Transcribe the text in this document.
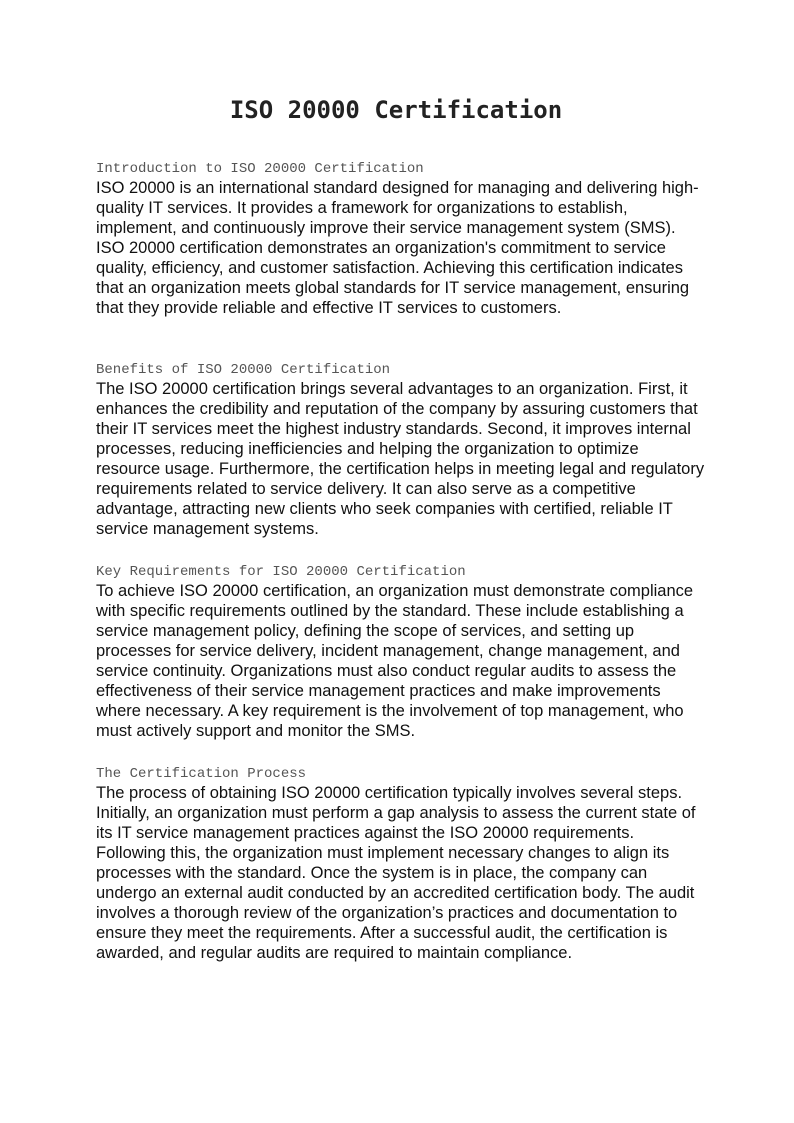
ISO 20000 Certification
Introduction to ISO 20000 Certification

ISO 20000 is an international standard designed for managing and delivering high-quality IT services. It provides a framework for organizations to establish, implement, and continuously improve their service management system (SMS). ISO 20000 certification demonstrates an organization's commitment to service quality, efficiency, and customer satisfaction. Achieving this certification indicates that an organization meets global standards for IT service management, ensuring that they provide reliable and effective IT services to customers.

Benefits of ISO 20000 Certification

The ISO 20000 certification brings several advantages to an organization. First, it enhances the credibility and reputation of the company by assuring customers that their IT services meet the highest industry standards. Second, it improves internal processes, reducing inefficiencies and helping the organization to optimize resource usage. Furthermore, the certification helps in meeting legal and regulatory requirements related to service delivery. It can also serve as a competitive advantage, attracting new clients who seek companies with certified, reliable IT service management systems.

Key Requirements for ISO 20000 Certification

To achieve ISO 20000 certification, an organization must demonstrate compliance with specific requirements outlined by the standard. These include establishing a service management policy, defining the scope of services, and setting up processes for service delivery, incident management, change management, and service continuity. Organizations must also conduct regular audits to assess the effectiveness of their service management practices and make improvements where necessary. A key requirement is the involvement of top management, who must actively support and monitor the SMS.

The Certification Process

The process of obtaining ISO 20000 certification typically involves several steps. Initially, an organization must perform a gap analysis to assess the current state of its IT service management practices against the ISO 20000 requirements. Following this, the organization must implement necessary changes to align its processes with the standard. Once the system is in place, the company can undergo an external audit conducted by an accredited certification body. The audit involves a thorough review of the organization’s practices and documentation to ensure they meet the requirements. After a successful audit, the certification is awarded, and regular audits are required to maintain compliance.
